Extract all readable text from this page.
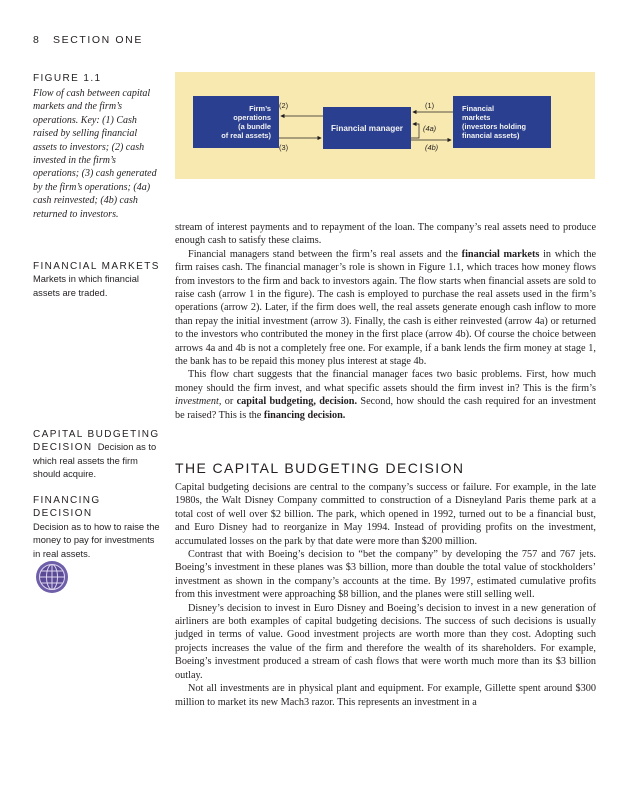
8 SECTION ONE
FIGURE 1.1
Flow of cash between capital markets and the firm’s operations. Key: (1) Cash raised by selling financial assets to investors; (2) cash invested in the firm’s operations; (3) cash generated by the firm’s operations; (4a) cash reinvested; (4b) cash returned to investors.
FINANCIAL MARKETS
Markets in which financial assets are traded.
CAPITAL BUDGETING DECISION Decision as to which real assets the firm should acquire.
FINANCING DECISION
Decision as to how to raise the money to pay for investments in real assets.
Firm’s
operations
(a bundle
of real assets)
Financial manager
Financial
markets
(investors holding
financial assets)
(2)
(3)
(1)
(4a)
(4b)

stream of interest payments and to repayment of the loan. The company’s real assets need to produce enough cash to satisfy these claims.

Financial managers stand between the firm’s real assets and the financial markets in which the firm raises cash. The financial manager’s role is shown in Figure 1.1, which traces how money flows from investors to the firm and back to investors again. The flow starts when financial assets are sold to raise cash (arrow 1 in the figure). The cash is employed to purchase the real assets used in the firm’s operations (arrow 2). Later, if the firm does well, the real assets generate enough cash inflow to more than repay the initial investment (arrow 3). Finally, the cash is either reinvested (arrow 4a) or returned to the investors who contributed the money in the first place (arrow 4b). Of course the choice between arrows 4a and 4b is not a completely free one. For example, if a bank lends the firm money at stage 1, the bank has to be repaid this money plus interest at stage 4b.

This flow chart suggests that the financial manager faces two basic problems. First, how much money should the firm invest, and what specific assets should the firm invest in? This is the firm’s investment, or capital budgeting, decision. Second, how should the cash required for an investment be raised? This is the financing decision.

THE CAPITAL BUDGETING DECISION

Capital budgeting decisions are central to the company’s success or failure. For example, in the late 1980s, the Walt Disney Company committed to construction of a Disneyland Paris theme park at a total cost of well over $2 billion. The park, which opened in 1992, turned out to be a financial bust, and Euro Disney had to reorganize in May 1994. Instead of providing profits on the investment, accumulated losses on the park by that date were more than $200 million.

Contrast that with Boeing’s decision to “bet the company” by developing the 757 and 767 jets. Boeing’s investment in these planes was $3 billion, more than double the total value of stockholders’ investment as shown in the company’s accounts at the time. By 1997, estimated cumulative profits from this investment were approaching $8 billion, and the planes were still selling well.

Disney’s decision to invest in Euro Disney and Boeing’s decision to invest in a new generation of airliners are both examples of capital budgeting decisions. The success of such decisions is usually judged in terms of value. Good investment projects are worth more than they cost. Adopting such projects increases the value of the firm and therefore the wealth of its shareholders. For example, Boeing’s investment produced a stream of cash flows that were worth much more than its $3 billion outlay.

Not all investments are in physical plant and equipment. For example, Gillette spent around $300 million to market its new Mach3 razor. This represents an investment in a
